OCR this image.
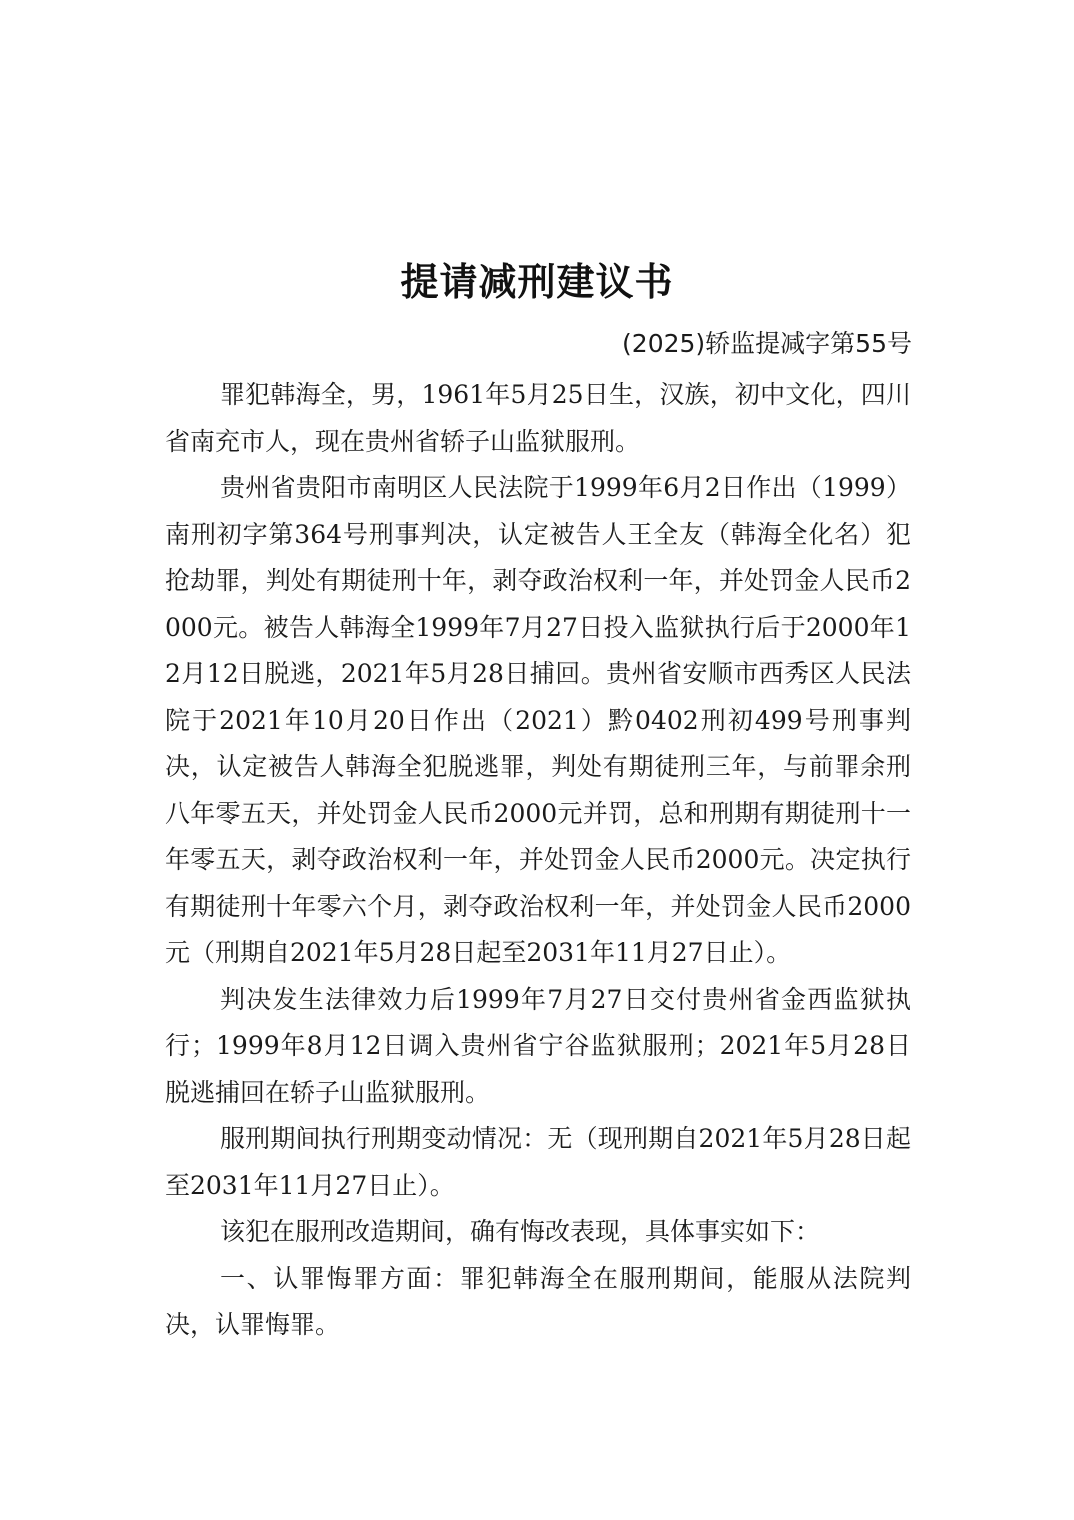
提请减刑建议书
(2025)轿监提减字第55号

罪犯韩海全，男，1961年5月25日生，汉族，初中文化，四川省南充市人，现在贵州省轿子山监狱服刑。

贵州省贵阳市南明区人民法院于1999年6月2日作出（1999）南刑初字第364号刑事判决，认定被告人王全友（韩海全化名）犯抢劫罪，判处有期徒刑十年，剥夺政治权利一年，并处罚金人民币2000元。被告人韩海全1999年7月27日投入监狱执行后于2000年12月12日脱逃，2021年5月28日捕回。贵州省安顺市西秀区人民法院于2021年10月20日作出（2021）黔0402刑初499号刑事判决，认定被告人韩海全犯脱逃罪，判处有期徒刑三年，与前罪余刑八年零五天，并处罚金人民币2000元并罚，总和刑期有期徒刑十一年零五天，剥夺政治权利一年，并处罚金人民币2000元。决定执行有期徒刑十年零六个月，剥夺政治权利一年，并处罚金人民币2000元（刑期自2021年5月28日起至2031年11月27日止）。

判决发生法律效力后1999年7月27日交付贵州省金西监狱执行；1999年8月12日调入贵州省宁谷监狱服刑；2021年5月28日脱逃捕回在轿子山监狱服刑。

服刑期间执行刑期变动情况：无（现刑期自2021年5月28日起至2031年11月27日止）。

该犯在服刑改造期间，确有悔改表现，具体事实如下：

一、认罪悔罪方面：罪犯韩海全在服刑期间，能服从法院判决，认罪悔罪。
